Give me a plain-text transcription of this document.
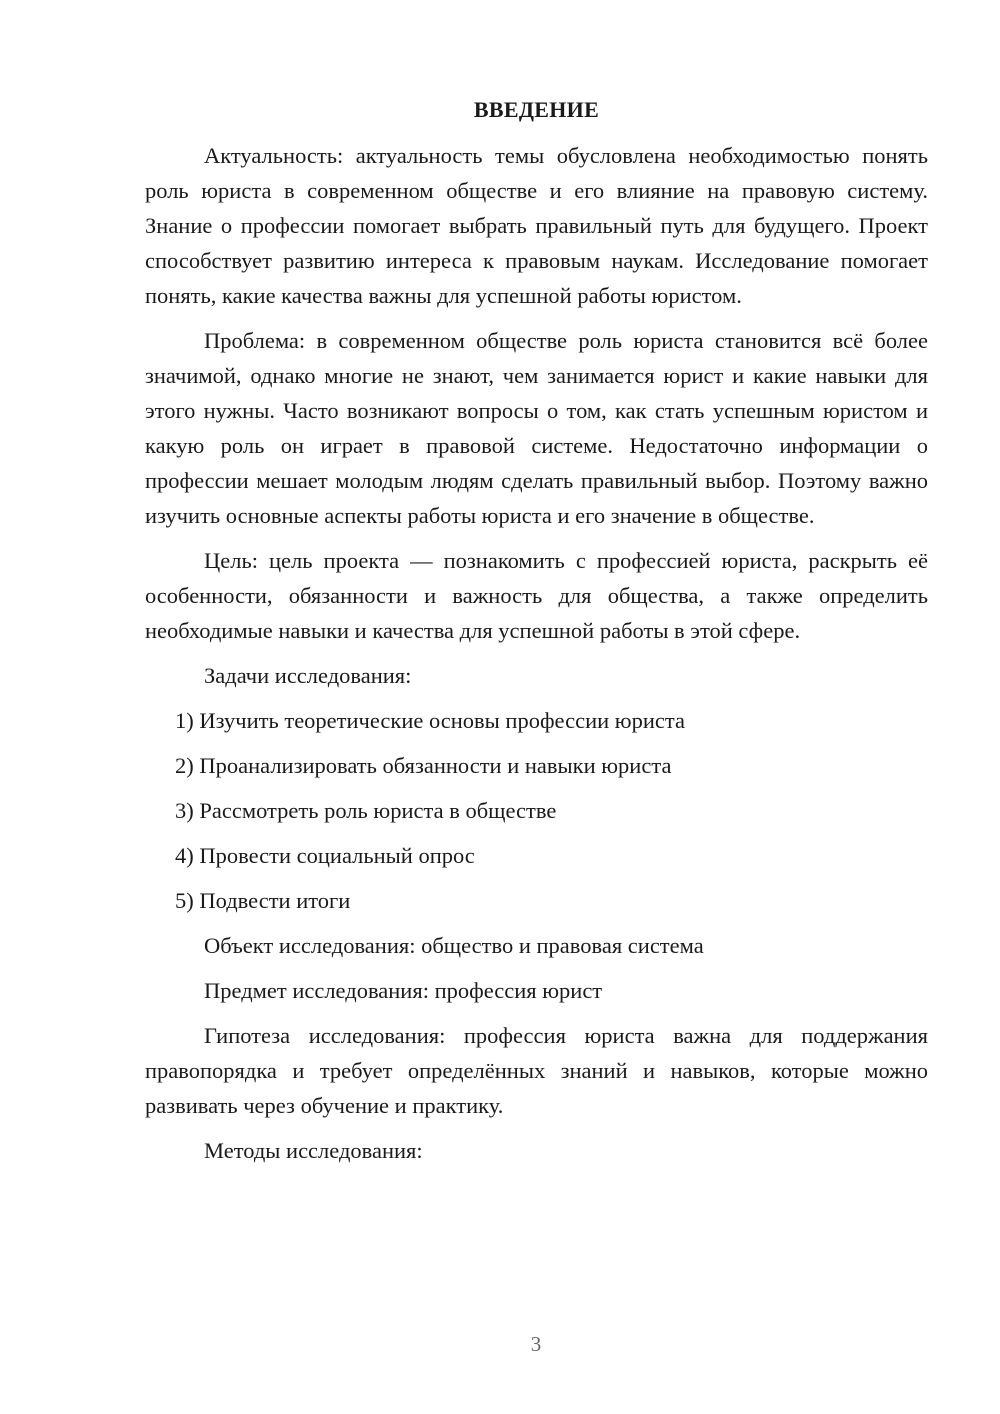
ВВЕДЕНИЕ

Актуальность: актуальность темы обусловлена необходимостью понять роль юриста в современном обществе и его влияние на правовую систему. Знание о профессии помогает выбрать правильный путь для будущего. Проект способствует развитию интереса к правовым наукам. Исследование помогает понять, какие качества важны для успешной работы юристом.

Проблема: в современном обществе роль юриста становится всё более значимой, однако многие не знают, чем занимается юрист и какие навыки для этого нужны. Часто возникают вопросы о том, как стать успешным юристом и какую роль он играет в правовой системе. Недостаточно информации о профессии мешает молодым людям сделать правильный выбор. Поэтому важно изучить основные аспекты работы юриста и его значение в обществе.

Цель: цель проекта — познакомить с профессией юриста, раскрыть её особенности, обязанности и важность для общества, а также определить необходимые навыки и качества для успешной работы в этой сфере.

Задачи исследования:

1) Изучить теоретические основы профессии юриста
2) Проанализировать обязанности и навыки юриста
3) Рассмотреть роль юриста в обществе
4) Провести социальный опрос
5) Подвести итоги

Объект исследования: общество и правовая система

Предмет исследования: профессия юрист

Гипотеза исследования: профессия юриста важна для поддержания правопорядка и требует определённых знаний и навыков, которые можно развивать через обучение и практику.

Методы исследования:

3
